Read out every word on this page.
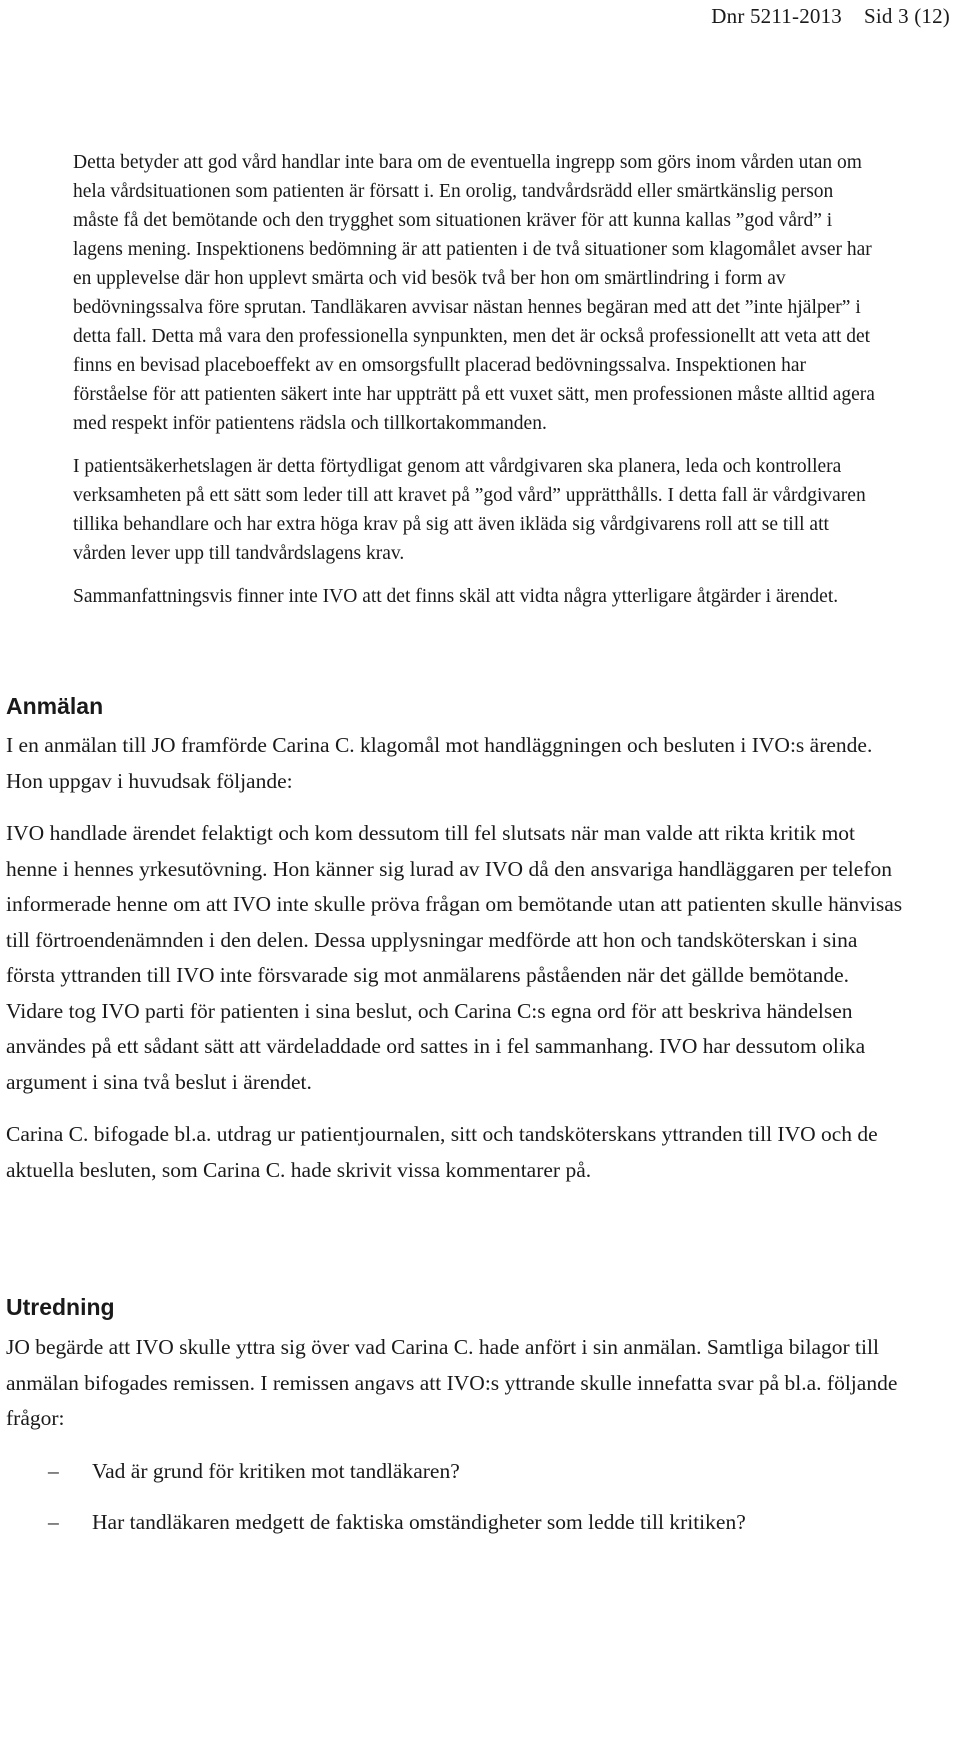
Dnr 5211-2013 Sid 3 (12)

Detta betyder att god vård handlar inte bara om de eventuella ingrepp som görs inom vården utan om hela vårdsituationen som patienten är försatt i. En orolig, tandvårdsrädd eller smärtkänslig person måste få det bemötande och den trygghet som situationen kräver för att kunna kallas ”god vård” i lagens mening. Inspektionens bedömning är att patienten i de två situationer som klagomålet avser har en upplevelse där hon upplevt smärta och vid besök två ber hon om smärtlindring i form av bedövningssalva före sprutan. Tandläkaren avvisar nästan hennes begäran med att det ”inte hjälper” i detta fall. Detta må vara den professionella synpunkten, men det är också professionellt att veta att det finns en bevisad placeboeffekt av en omsorgsfullt placerad bedövningssalva. Inspektionen har förståelse för att patienten säkert inte har uppträtt på ett vuxet sätt, men professionen måste alltid agera med respekt inför patientens rädsla och tillkortakommanden.

I patientsäkerhetslagen är detta förtydligat genom att vårdgivaren ska planera, leda och kontrollera verksamheten på ett sätt som leder till att kravet på ”god vård” upprätthålls. I detta fall är vårdgivaren tillika behandlare och har extra höga krav på sig att även ikläda sig vårdgivarens roll att se till att vården lever upp till tandvårdslagens krav.

Sammanfattningsvis finner inte IVO att det finns skäl att vidta några ytterligare åtgärder i ärendet.

Anmälan

I en anmälan till JO framförde Carina C. klagomål mot handläggningen och besluten i IVO:s ärende. Hon uppgav i huvudsak följande:

IVO handlade ärendet felaktigt och kom dessutom till fel slutsats när man valde att rikta kritik mot henne i hennes yrkesutövning. Hon känner sig lurad av IVO då den ansvariga handläggaren per telefon informerade henne om att IVO inte skulle pröva frågan om bemötande utan att patienten skulle hänvisas till förtroendenämnden i den delen. Dessa upplysningar medförde att hon och tandsköterskan i sina första yttranden till IVO inte försvarade sig mot anmälarens påståenden när det gällde bemötande. Vidare tog IVO parti för patienten i sina beslut, och Carina C:s egna ord för att beskriva händelsen användes på ett sådant sätt att värdeladdade ord sattes in i fel sammanhang. IVO har dessutom olika argument i sina två beslut i ärendet.

Carina C. bifogade bl.a. utdrag ur patientjournalen, sitt och tandsköterskans yttranden till IVO och de aktuella besluten, som Carina C. hade skrivit vissa kommentarer på.

Utredning

JO begärde att IVO skulle yttra sig över vad Carina C. hade anfört i sin anmälan. Samtliga bilagor till anmälan bifogades remissen. I remissen angavs att IVO:s yttrande skulle innefatta svar på bl.a. följande frågor:

– Vad är grund för kritiken mot tandläkaren?
– Har tandläkaren medgett de faktiska omständigheter som ledde till kritiken?
